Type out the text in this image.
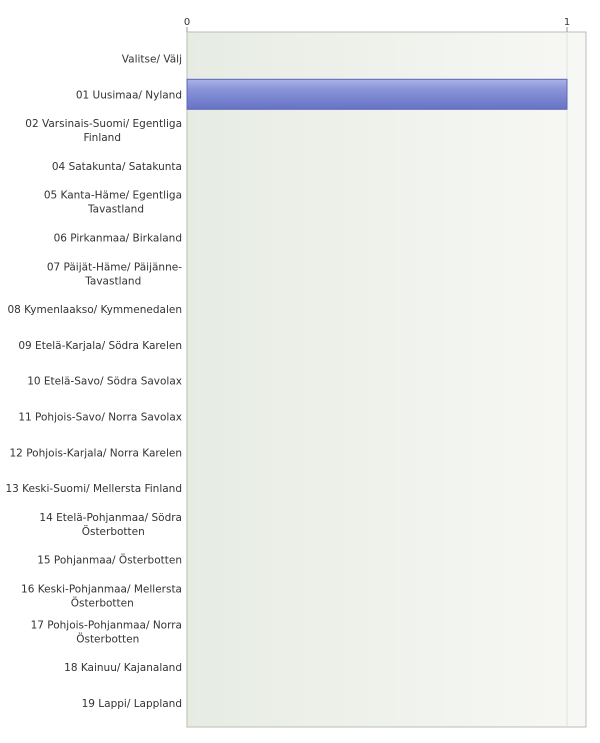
0	1
Valitse/ Välj
01 Uusimaa/ Nyland
02 Varsinais-Suomi/ Egentliga Finland
04 Satakunta/ Satakunta
05 Kanta-Häme/ Egentliga Tavastland
06 Pirkanmaa/ Birkaland
07 Päijät-Häme/ Päijänne-Tavastland
08 Kymenlaakso/ Kymmenedalen
09 Etelä-Karjala/ Södra Karelen
10 Etelä-Savo/ Södra Savolax
11 Pohjois-Savo/ Norra Savolax
12 Pohjois-Karjala/ Norra Karelen
13 Keski-Suomi/ Mellersta Finland
14 Etelä-Pohjanmaa/ Södra Österbotten
15 Pohjanmaa/ Österbotten
16 Keski-Pohjanmaa/ Mellersta Österbotten
17 Pohjois-Pohjanmaa/ Norra Österbotten
18 Kainuu/ Kajanaland
19 Lappi/ Lappland
